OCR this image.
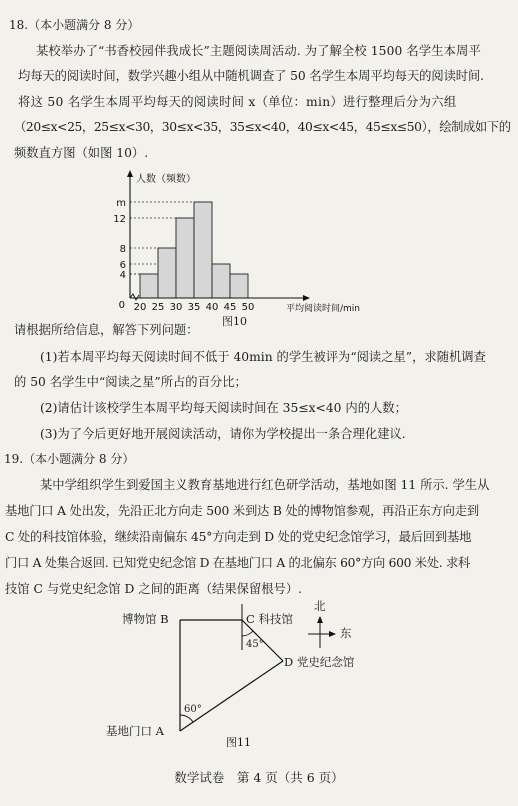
18.（本小题满分 8 分）
某校举办了“书香校园伴我成长”主题阅读周活动. 为了解全校 1500 名学生本周平
均每天的阅读时间，数学兴趣小组从中随机调查了 50 名学生本周平均每天的阅读时间.
将这 50 名学生本周平均每天的阅读时间 x（单位：min）进行整理后分为六组
（20≤x<25，25≤x<30，30≤x<35，35≤x<40，40≤x<45，45≤x≤50），绘制成如下的
频数直方图（如图 10）.
4
6
8
12
m
0 20 25 30 35 40 45 50
人数（频数）
平均阅读时间/min
图10
请根据所给信息，解答下列问题：
(1)若本周平均每天阅读时间不低于 40min 的学生被评为“阅读之星”，求随机调查
的 50 名学生中“阅读之星”所占的百分比；
(2)请估计该校学生本周平均每天阅读时间在 35≤x<40 内的人数；
(3)为了今后更好地开展阅读活动，请你为学校提出一条合理化建议.
19.（本小题满分 8 分）
某中学组织学生到爱国主义教育基地进行红色研学活动，基地如图 11 所示. 学生从
基地门口 A 处出发，先沿正北方向走 500 米到达 B 处的博物馆参观，再沿正东方向走到
C 处的科技馆体验，继续沿南偏东 45°方向走到 D 处的党史纪念馆学习，最后回到基地
门口 A 处集合返回. 已知党史纪念馆 D 在基地门口 A 的北偏东 60°方向 600 米处. 求科
技馆 C 与党史纪念馆 D 之间的距离（结果保留根号）.
博物馆 B	C 科技馆
45°
北
东
D 党史纪念馆
60°
基地门口 A
图11
数学试卷　第 4 页（共 6 页）
